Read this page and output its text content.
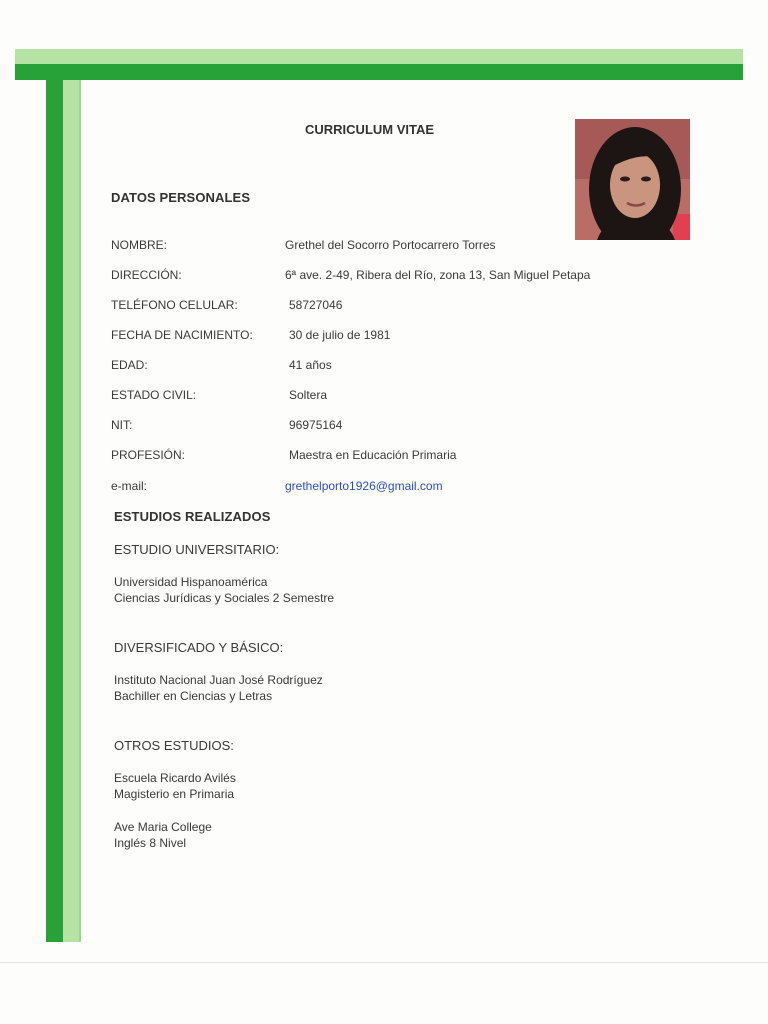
CURRICULUM VITAE
DATOS PERSONALES
NOMBRE:	Grethel del Socorro Portocarrero Torres
DIRECCIÓN:	6ª ave. 2-49, Ribera del Río, zona 13, San Miguel Petapa
TELÉFONO CELULAR:	58727046
FECHA DE NACIMIENTO:	30 de julio de 1981
EDAD:	41 años
ESTADO CIVIL:	Soltera
NIT:	96975164
PROFESIÓN:	Maestra en Educación Primaria
e-mail:	grethelporto1926@gmail.com
ESTUDIOS REALIZADOS
ESTUDIO UNIVERSITARIO:
Universidad Hispanoamérica
Ciencias Jurídicas y Sociales 2 Semestre
DIVERSIFICADO Y BÁSICO:
Instituto Nacional Juan José Rodríguez
Bachiller en Ciencias y Letras
OTROS ESTUDIOS:
Escuela Ricardo Avilés
Magisterio en Primaria
Ave Maria College
Inglés 8 Nivel
